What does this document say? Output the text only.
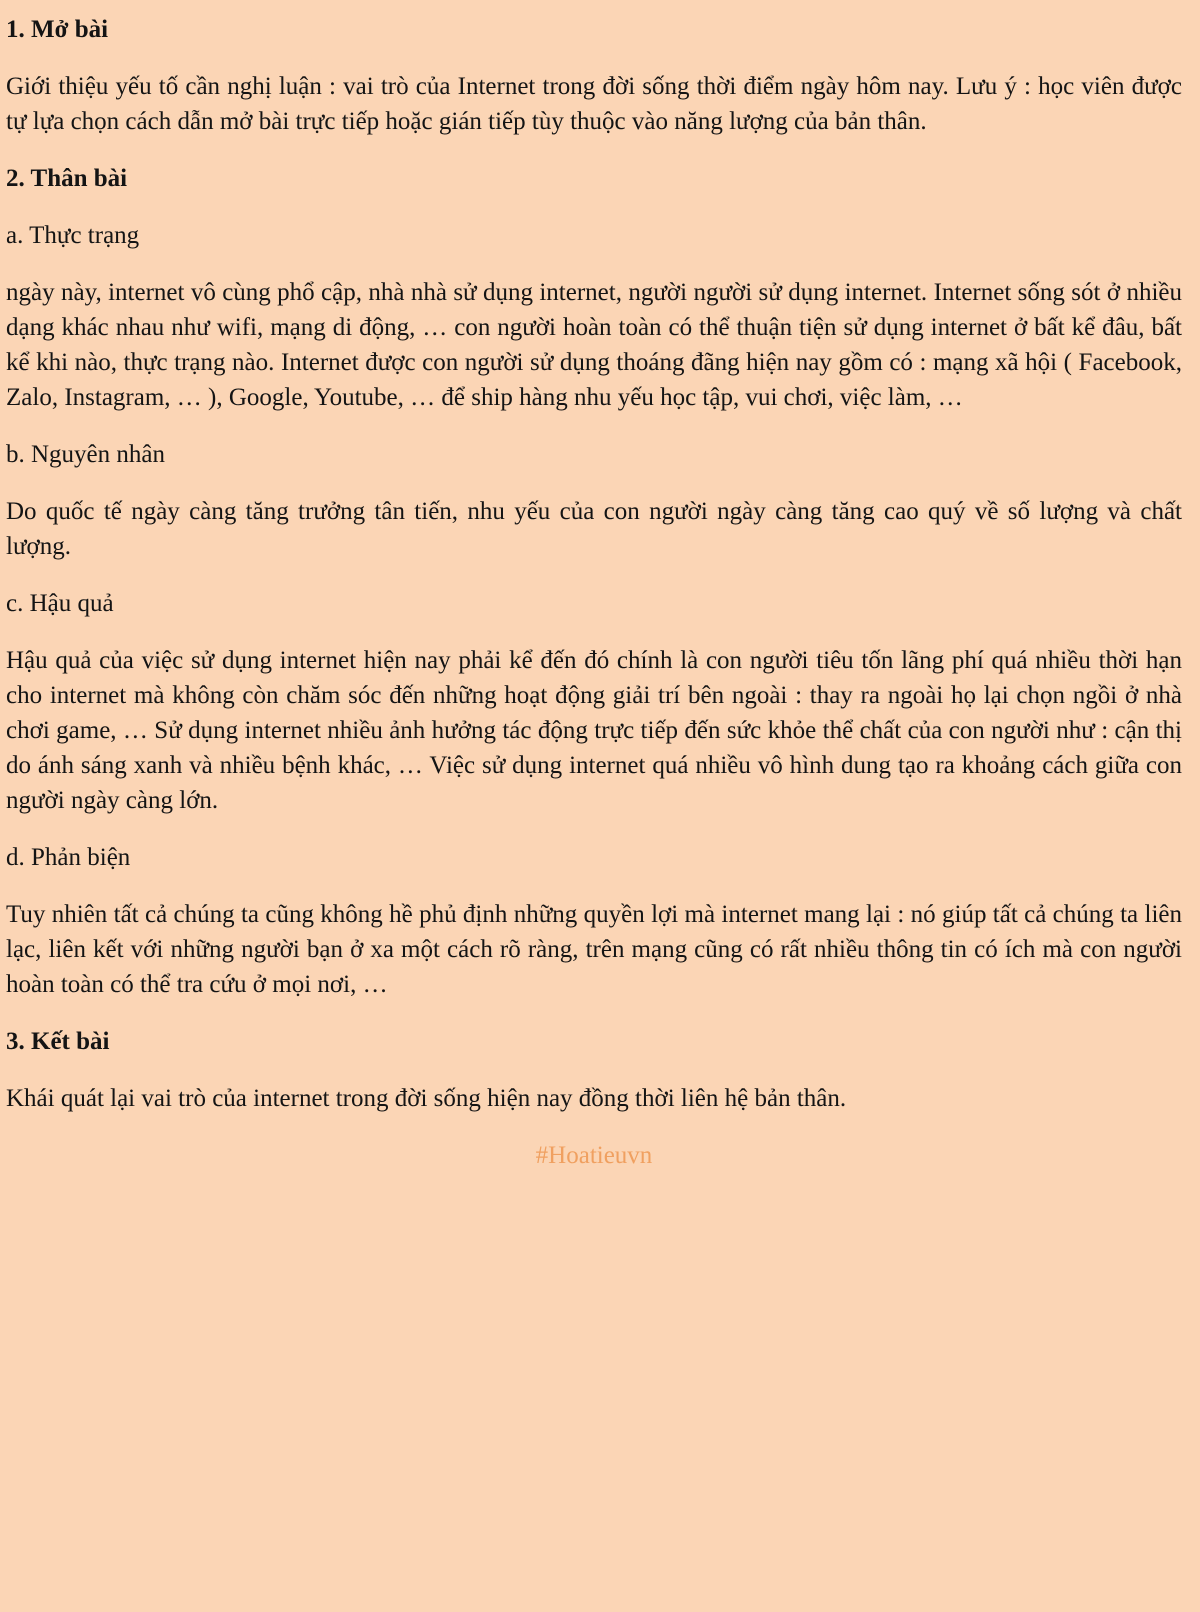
1. Mở bài
Giới thiệu yếu tố cần nghị luận : vai trò của Internet trong đời sống thời điểm ngày hôm nay. Lưu ý : học viên được tự lựa chọn cách dẫn mở bài trực tiếp hoặc gián tiếp tùy thuộc vào năng lượng của bản thân.
2. Thân bài
a. Thực trạng
ngày này, internet vô cùng phổ cập, nhà nhà sử dụng internet, người người sử dụng internet. Internet sống sót ở nhiều dạng khác nhau như wifi, mạng di động, … con người hoàn toàn có thể thuận tiện sử dụng internet ở bất kể đâu, bất kể khi nào, thực trạng nào. Internet được con người sử dụng thoáng đãng hiện nay gồm có : mạng xã hội ( Facebook, Zalo, Instagram, … ), Google, Youtube, … để ship hàng nhu yếu học tập, vui chơi, việc làm, …
b. Nguyên nhân
Do quốc tế ngày càng tăng trưởng tân tiến, nhu yếu của con người ngày càng tăng cao quý về số lượng và chất lượng.
c. Hậu quả
Hậu quả của việc sử dụng internet hiện nay phải kể đến đó chính là con người tiêu tốn lãng phí quá nhiều thời hạn cho internet mà không còn chăm sóc đến những hoạt động giải trí bên ngoài : thay ra ngoài họ lại chọn ngồi ở nhà chơi game, … Sử dụng internet nhiều ảnh hưởng tác động trực tiếp đến sức khỏe thể chất của con người như : cận thị do ánh sáng xanh và nhiều bệnh khác, … Việc sử dụng internet quá nhiều vô hình dung tạo ra khoảng cách giữa con người ngày càng lớn.
d. Phản biện
Tuy nhiên tất cả chúng ta cũng không hề phủ định những quyền lợi mà internet mang lại : nó giúp tất cả chúng ta liên lạc, liên kết với những người bạn ở xa một cách rõ ràng, trên mạng cũng có rất nhiều thông tin có ích mà con người hoàn toàn có thể tra cứu ở mọi nơi, …
3. Kết bài
Khái quát lại vai trò của internet trong đời sống hiện nay đồng thời liên hệ bản thân.
#Hoatieuvn
